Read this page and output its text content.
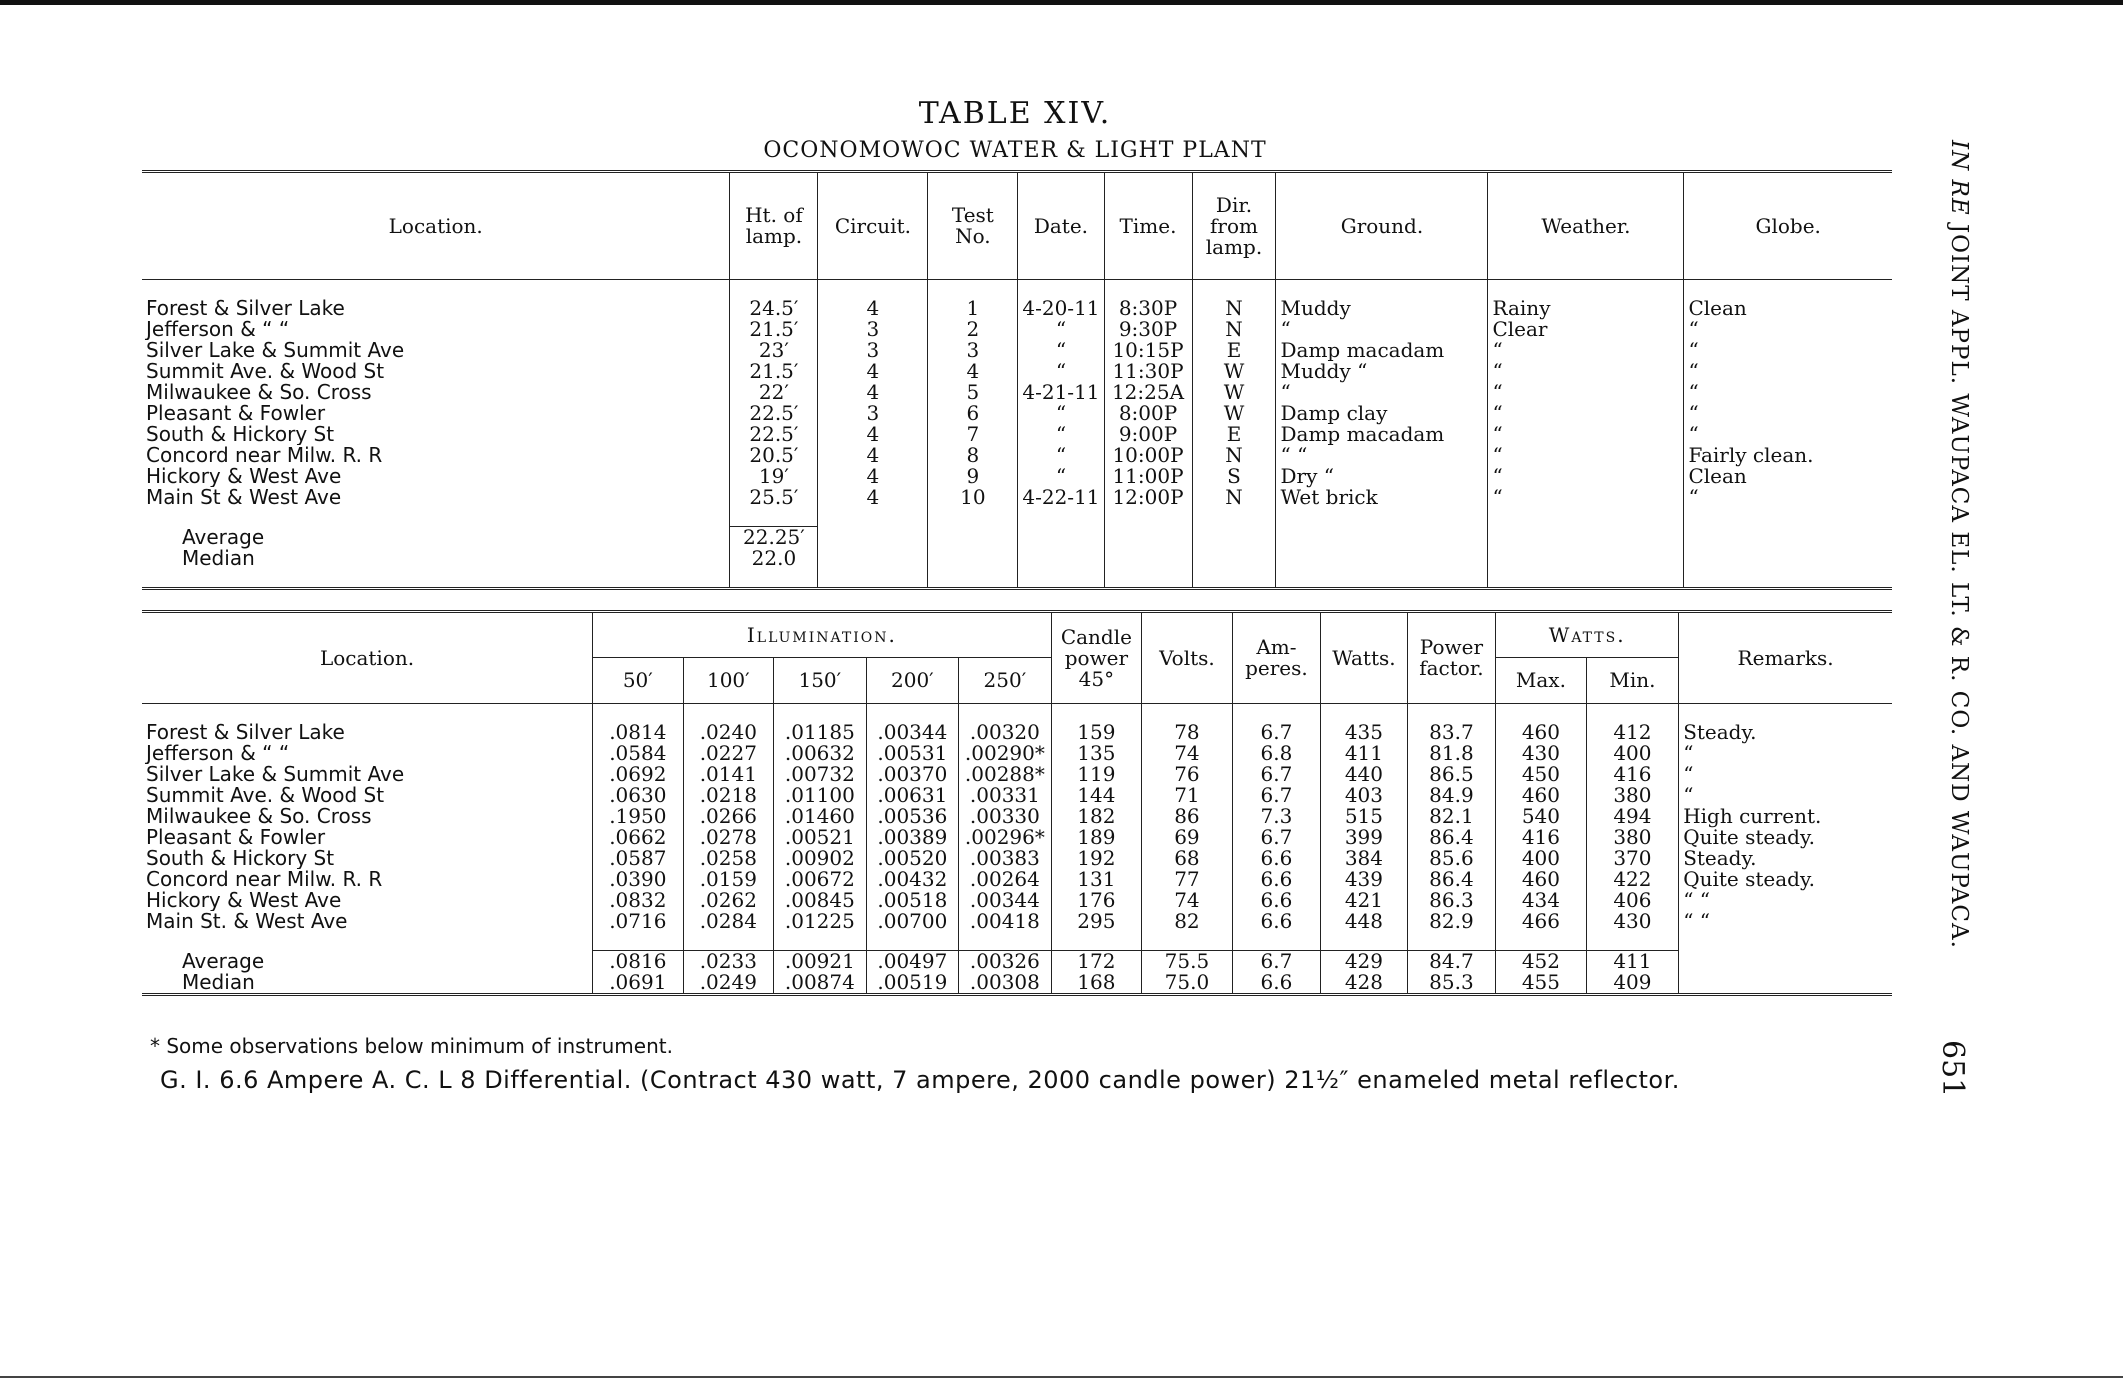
TABLE XIV.
OCONOMOWOC WATER & LIGHT PLANT	IN RE JOINT APPL. WAUPACA EL. LT. & R. CO. AND WAUPACA.
651
Location.	Ht. of lamp.	Circuit.	Test No.	Date.	Time.	Dir. from lamp.	Ground.	Weather.	Globe.

Forest & Silver Lake	24.5′	4	1	4-20-11	8:30P	N	Muddy	Rainy	Clean
Jefferson & “ “	21.5′	3	2	“	9:30P	N	“	Clear	“
Silver Lake & Summit Ave	23′	3	3	“	10:15P	E	Damp macadam	“	“
Summit Ave. & Wood St	21.5′	4	4	“	11:30P	W	Muddy “	“	“
Milwaukee & So. Cross	22′	4	5	4-21-11	12:25A	W	“	“	“
Pleasant & Fowler	22.5′	3	6	“	8:00P	W	Damp clay	“	“
South & Hickory St	22.5′	4	7	“	9:00P	E	Damp macadam	“	“
Concord near Milw. R. R	20.5′	4	8	“	10:00P	N	“ “	“	Fairly clean.
Hickory & West Ave	19′	4	9	“	11:00P	S	Dry “	“	Clean
Main St & West Ave	25.5′	4	10	4-22-11	12:00P	N	Wet brick	“	“

Average	22.25′								
Median	22.0								

Location.	Illumination.					Candle power 45°	Volts.	Am-peres.	Watts.	Power factor.	Watts.		Remarks.
	50′	100′	150′	200′	250′						Max.	Min.	

Forest & Silver Lake	.0814	.0240	.01185	.00344	.00320	159	78	6.7	435	83.7	460	412	Steady.
Jefferson & “ “	.0584	.0227	.00632	.00531	.00290*	135	74	6.8	411	81.8	430	400	“
Silver Lake & Summit Ave	.0692	.0141	.00732	.00370	.00288*	119	76	6.7	440	86.5	450	416	“
Summit Ave. & Wood St	.0630	.0218	.01100	.00631	.00331	144	71	6.7	403	84.9	460	380	“
Milwaukee & So. Cross	.1950	.0266	.01460	.00536	.00330	182	86	7.3	515	82.1	540	494	High current.
Pleasant & Fowler	.0662	.0278	.00521	.00389	.00296*	189	69	6.7	399	86.4	416	380	Quite steady.
South & Hickory St	.0587	.0258	.00902	.00520	.00383	192	68	6.6	384	85.6	400	370	Steady.
Concord near Milw. R. R	.0390	.0159	.00672	.00432	.00264	131	77	6.6	439	86.4	460	422	Quite steady.
Hickory & West Ave	.0832	.0262	.00845	.00518	.00344	176	74	6.6	421	86.3	434	406	“ “
Main St. & West Ave	.0716	.0284	.01225	.00700	.00418	295	82	6.6	448	82.9	466	430	“ “

Average	.0816	.0233	.00921	.00497	.00326	172	75.5	6.7	429	84.7	452	411	
Median	.0691	.0249	.00874	.00519	.00308	168	75.0	6.6	428	85.3	455	409	
* Some observations below minimum of instrument.
G. I. 6.6 Ampere A. C. L 8 Differential. (Contract 430 watt, 7 ampere, 2000 candle power) 21½″ enameled metal reflector.
